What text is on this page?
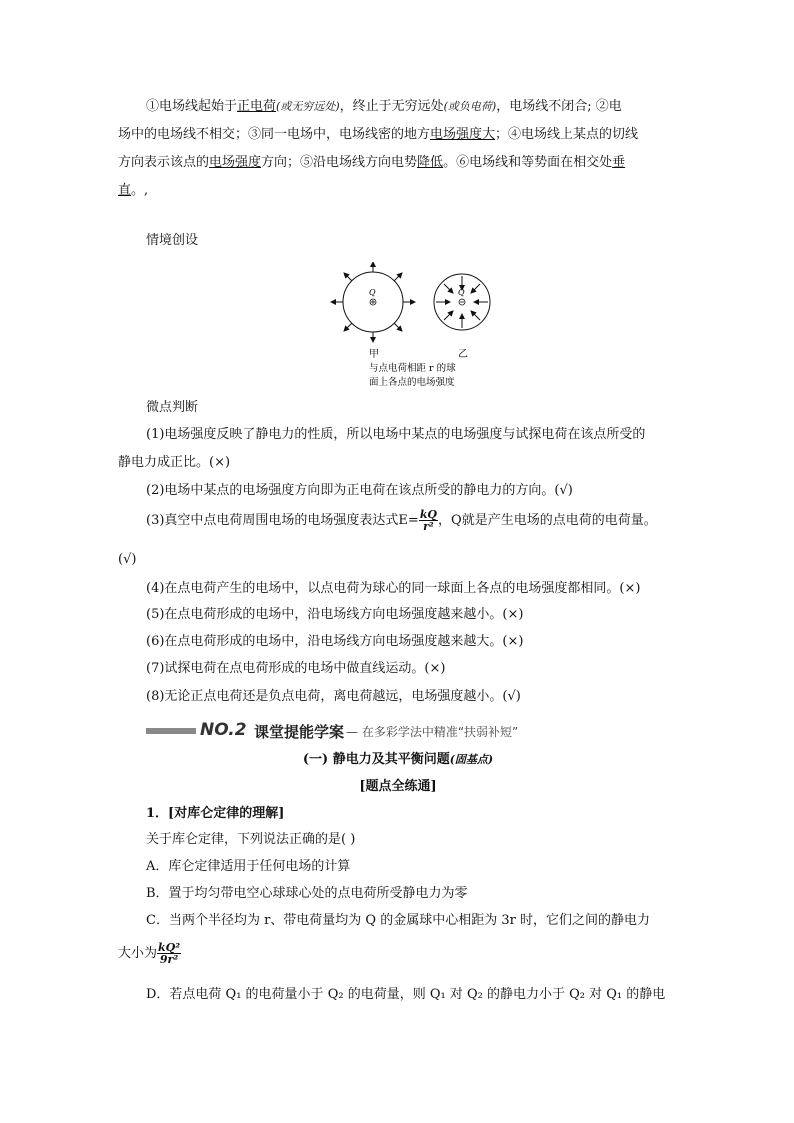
①电场线起始于正电荷(或无穷远处)，终止于无穷远处(或负电荷)，电场线不闭合; ②电
场中的电场线不相交；③同一电场中，电场线密的地方电场强度大；④电场线上某点的切线
方向表示该点的电场强度方向；⑤沿电场线方向电势降低。⑥电场线和等势面在相交处垂
直。,
情境创设
Q	Q
甲	乙
与点电荷相距 r 的球
面上各点的电场强度
微点判断
(1)电场强度反映了静电力的性质，所以电场中某点的电场强度与试探电荷在该点所受的
静电力成正比。(×)
(2)电场中某点的电场强度方向即为正电荷在该点所受的静电力的方向。(√)
(3)真空中点电荷周围电场的电场强度表达式$E= \frac{kQ}{\text{r²}}$ ，Q就是产生电场的点电荷的电荷量。
(√)
(4)在点电荷产生的电场中，以点电荷为球心的同一球面上各点的电场强度都相同。(×)
(5)在点电荷形成的电场中，沿电场线方向电场强度越来越小。(×)
(6)在点电荷形成的电场中，沿电场线方向电场强度越来越大。(×)
(7)试探电荷在点电荷形成的电场中做直线运动。(×)
(8)无论正点电荷还是负点电荷，离电荷越远，电场强度越小。(√)
NO.2 课堂提能学案 — 在多彩学法中精准“扶弱补短”
(一) 静电力及其平衡问题(固基点)
[题点全练通]
1．[对库仑定律的理解]
关于库仑定律，下列说法正确的是( )
A．库仑定律适用于任何电场的计算
B．置于均匀带电空心球球心处的点电荷所受静电力为零
C．当两个半径均为 r、带电荷量均为 Q 的金属球中心相距为 3r 时，它们之间的静电力
大小为 $\frac{\text{kQ²}}{\text{9r²}}$
D．若点电荷 Q₁ 的电荷量小于 Q₂ 的电荷量，则 Q₁ 对 Q₂ 的静电力小于 Q₂ 对 Q₁ 的静电
